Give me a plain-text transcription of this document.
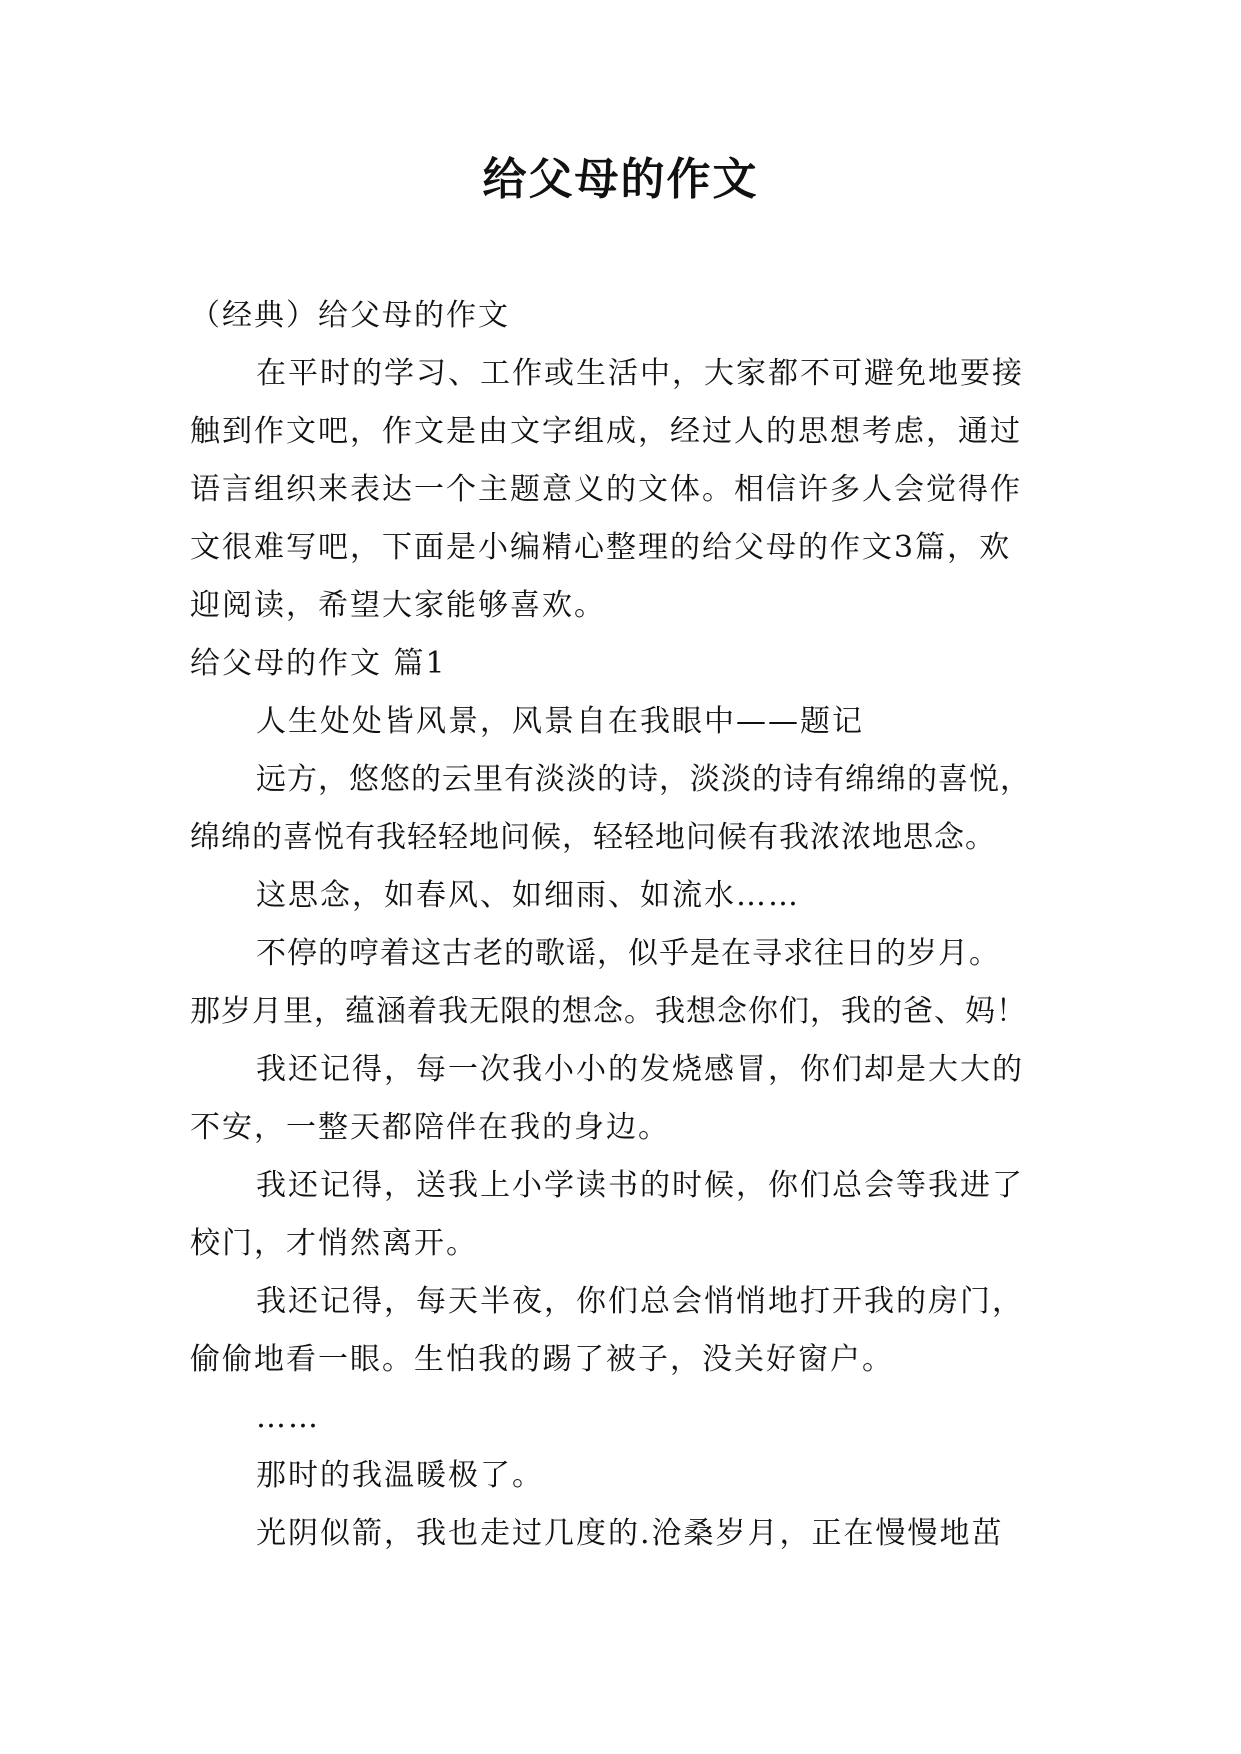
给父母的作文

（经典）给父母的作文

在平时的学习、工作或生活中，大家都不可避免地要接

触到作文吧，作文是由文字组成，经过人的思想考虑，通过

语言组织来表达一个主题意义的文体。相信许多人会觉得作

文很难写吧，下面是小编精心整理的给父母的作文3篇，欢

迎阅读，希望大家能够喜欢。

给父母的作文 篇1

人生处处皆风景，风景自在我眼中——题记

远方，悠悠的云里有淡淡的诗，淡淡的诗有绵绵的喜悦，

绵绵的喜悦有我轻轻地问候，轻轻地问候有我浓浓地思念。

这思念，如春风、如细雨、如流水……

不停的哼着这古老的歌谣，似乎是在寻求往日的岁月。

那岁月里，蕴涵着我无限的想念。我想念你们，我的爸、妈！

我还记得，每一次我小小的发烧感冒，你们却是大大的

不安，一整天都陪伴在我的身边。

我还记得，送我上小学读书的时候，你们总会等我进了

校门，才悄然离开。

我还记得，每天半夜，你们总会悄悄地打开我的房门，

偷偷地看一眼。生怕我的踢了被子，没关好窗户。

……

那时的我温暖极了。

光阴似箭，我也走过几度的.沧桑岁月，正在慢慢地茁
